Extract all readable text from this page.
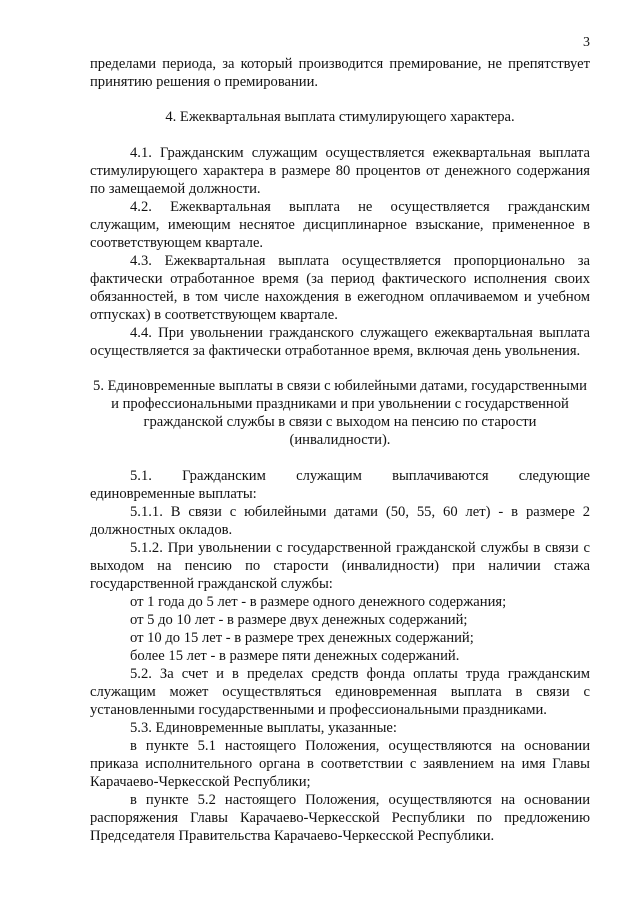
3

пределами периода, за который производится премирование, не препятствует принятию решения о премировании.

4. Ежеквартальная выплата стимулирующего характера.

4.1. Гражданским служащим осуществляется ежеквартальная выплата стимулирующего характера в размере 80 процентов от денежного содержания по замещаемой должности.

4.2. Ежеквартальная выплата не осуществляется гражданским служащим, имеющим неснятое дисциплинарное взыскание, примененное в соответствующем квартале.

4.3. Ежеквартальная выплата осуществляется пропорционально за фактически отработанное время (за период фактического исполнения своих обязанностей, в том числе нахождения в ежегодном оплачиваемом и учебном отпусках) в соответствующем квартале.

4.4. При увольнении гражданского служащего ежеквартальная выплата осуществляется за фактически отработанное время, включая день увольнения.

5. Единовременные выплаты в связи с юбилейными датами, государственными и профессиональными праздниками и при увольнении с государственной гражданской службы в связи с выходом на пенсию по старости (инвалидности).

5.1. Гражданским служащим выплачиваются следующие единовременные выплаты:

5.1.1. В связи с юбилейными датами (50, 55, 60 лет) - в размере 2 должностных окладов.

5.1.2. При увольнении с государственной гражданской службы в связи с выходом на пенсию по старости (инвалидности) при наличии стажа государственной гражданской службы:

от 1 года до 5 лет - в размере одного денежного содержания;

от 5 до 10 лет - в размере двух денежных содержаний;

от 10 до 15 лет - в размере трех денежных содержаний;

более 15 лет - в размере пяти денежных содержаний.

5.2. За счет и в пределах средств фонда оплаты труда гражданским служащим может осуществляться единовременная выплата в связи с установленными государственными и профессиональными праздниками.

5.3. Единовременные выплаты, указанные:

в пункте 5.1 настоящего Положения, осуществляются на основании приказа исполнительного органа в соответствии с заявлением на имя Главы Карачаево-Черкесской Республики;

в пункте 5.2 настоящего Положения, осуществляются на основании распоряжения Главы Карачаево-Черкесской Республики по предложению Председателя Правительства Карачаево-Черкесской Республики.
